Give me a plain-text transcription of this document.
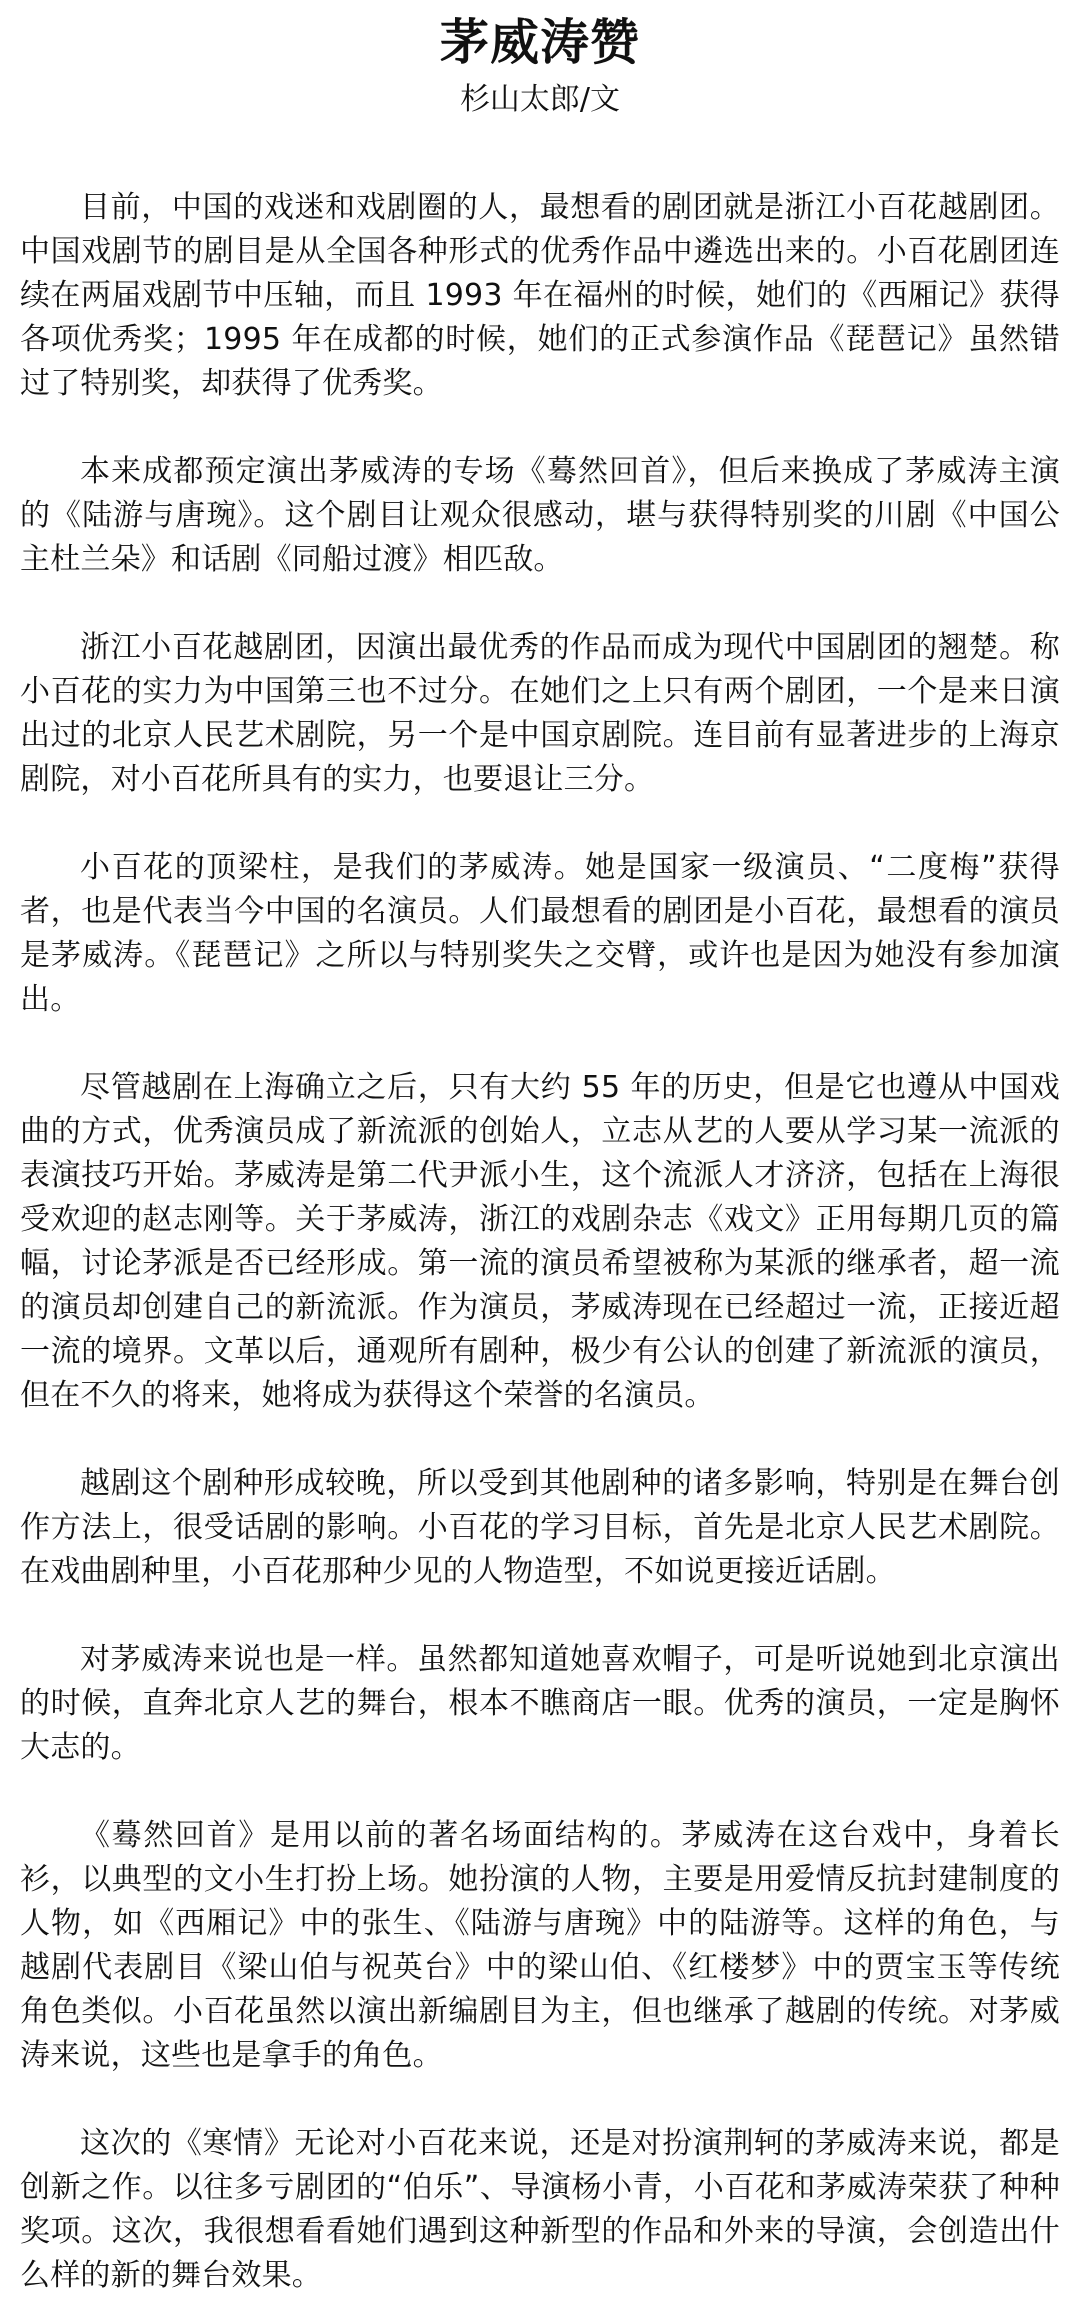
茅威涛赞
杉山太郎/文

目前，中国的戏迷和戏剧圈的人，最想看的剧团就是浙江小百花越剧团。中国戏剧节的剧目是从全国各种形式的优秀作品中遴选出来的。小百花剧团连续在两届戏剧节中压轴，而且 1993 年在福州的时候，她们的《西厢记》获得各项优秀奖；1995 年在成都的时候，她们的正式参演作品《琵琶记》虽然错过了特别奖，却获得了优秀奖。

本来成都预定演出茅威涛的专场《蓦然回首》，但后来换成了茅威涛主演的《陆游与唐琬》。这个剧目让观众很感动，堪与获得特别奖的川剧《中国公主杜兰朵》和话剧《同船过渡》相匹敌。

浙江小百花越剧团，因演出最优秀的作品而成为现代中国剧团的翘楚。称小百花的实力为中国第三也不过分。在她们之上只有两个剧团，一个是来日演出过的北京人民艺术剧院，另一个是中国京剧院。连目前有显著进步的上海京剧院，对小百花所具有的实力，也要退让三分。

小百花的顶梁柱，是我们的茅威涛。她是国家一级演员、“二度梅”获得者，也是代表当今中国的名演员。人们最想看的剧团是小百花，最想看的演员是茅威涛。《琵琶记》之所以与特别奖失之交臂，或许也是因为她没有参加演出。

尽管越剧在上海确立之后，只有大约 55 年的历史，但是它也遵从中国戏曲的方式，优秀演员成了新流派的创始人，立志从艺的人要从学习某一流派的表演技巧开始。茅威涛是第二代尹派小生，这个流派人才济济，包括在上海很受欢迎的赵志刚等。关于茅威涛，浙江的戏剧杂志《戏文》正用每期几页的篇幅，讨论茅派是否已经形成。第一流的演员希望被称为某派的继承者，超一流的演员却创建自己的新流派。作为演员，茅威涛现在已经超过一流，正接近超一流的境界。文革以后，通观所有剧种，极少有公认的创建了新流派的演员，但在不久的将来，她将成为获得这个荣誉的名演员。

越剧这个剧种形成较晚，所以受到其他剧种的诸多影响，特别是在舞台创作方法上，很受话剧的影响。小百花的学习目标，首先是北京人民艺术剧院。在戏曲剧种里，小百花那种少见的人物造型，不如说更接近话剧。

对茅威涛来说也是一样。虽然都知道她喜欢帽子，可是听说她到北京演出的时候，直奔北京人艺的舞台，根本不瞧商店一眼。优秀的演员，一定是胸怀大志的。

《蓦然回首》是用以前的著名场面结构的。茅威涛在这台戏中，身着长衫，以典型的文小生打扮上场。她扮演的人物，主要是用爱情反抗封建制度的人物，如《西厢记》中的张生、《陆游与唐琬》中的陆游等。这样的角色，与越剧代表剧目《梁山伯与祝英台》中的梁山伯、《红楼梦》中的贾宝玉等传统角色类似。小百花虽然以演出新编剧目为主，但也继承了越剧的传统。对茅威涛来说，这些也是拿手的角色。

这次的《寒情》无论对小百花来说，还是对扮演荆轲的茅威涛来说，都是创新之作。以往多亏剧团的“伯乐”、导演杨小青，小百花和茅威涛荣获了种种奖项。这次，我很想看看她们遇到这种新型的作品和外来的导演，会创造出什么样的新的舞台效果。
